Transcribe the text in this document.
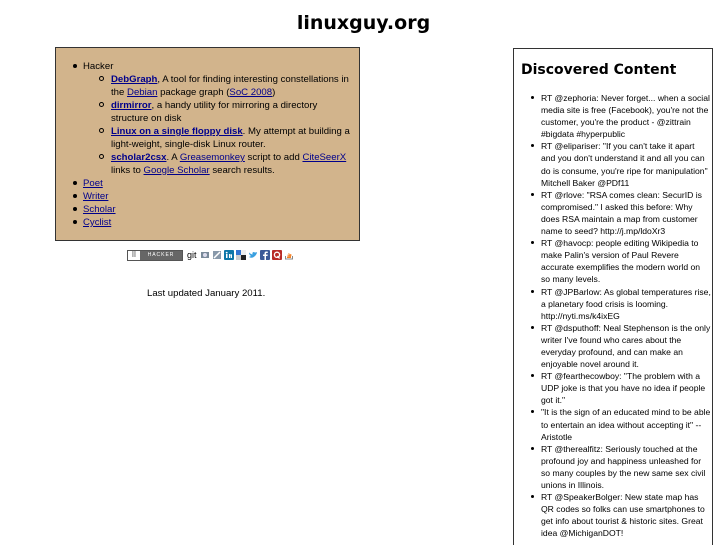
linuxguy.org
Hacker
DebGraph, A tool for finding interesting constellations in the Debian package graph (SoC 2008)
dirmirror, a handy utility for mirroring a directory structure on disk
Linux on a single floppy disk. My attempt at building a light-weight, single-disk Linux router.
scholar2csx. A Greasemonkey script to add CiteSeerX links to Google Scholar search results.
Poet
Writer
Scholar
Cyclist
⠿	HACKER	git
Last updated January 2011.
Discovered Content
RT @zephoria: Never forget... when a social media site is free (Facebook), you're not the customer, you're the product - @zittrain #bigdata #hyperpublic
RT @elipariser: "If you can't take it apart and you don't understand it and all you can do is consume, you're ripe for manipulation" Mitchell Baker @PDf11
RT @rlove: "RSA comes clean: SecurID is compromised." I asked this before: Why does RSA maintain a map from customer name to seed? http://j.mp/ldoXr3
RT @havocp: people editing Wikipedia to make Palin's version of Paul Revere accurate exemplifies the modern world on so many levels.
RT @JPBarlow: As global temperatures rise, a planetary food crisis is looming. http://nyti.ms/k4ixEG
RT @dsputhoff: Neal Stephenson is the only writer I've found who cares about the everyday profound, and can make an enjoyable novel around it.
RT @fearthecowboy: "The problem with a UDP joke is that you have no idea if people got it."
"It is the sign of an educated mind to be able to entertain an idea without accepting it" --Aristotle
RT @therealfitz: Seriously touched at the profound joy and happiness unleashed for so many couples by the new same sex civil unions in Illinois.
RT @SpeakerBolger: New state map has QR codes so folks can use smartphones to get info about tourist & historic sites. Great idea @MichiganDOT!
